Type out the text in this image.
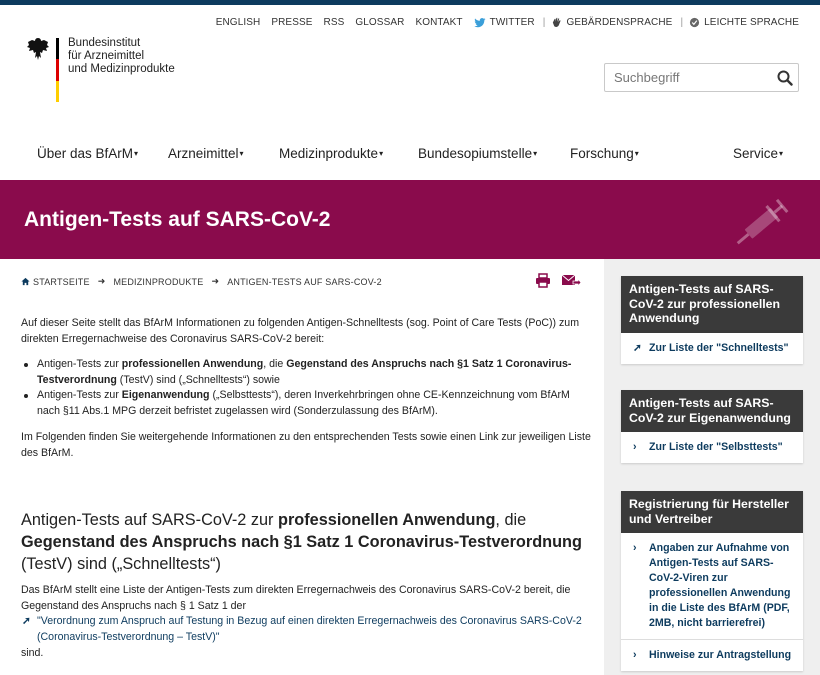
Bundesinstitut
für Arzneimittel
und Medizinprodukte
ENGLISH PRESSE RSS GLOSSAR KONTAKT	TWITTER | GEBÄRDENSPRACHE | LEICHTE SPRACHE
Suchbegriff
Über das BfArM▾ Arzneimittel▾	Medizinprodukte▾	Bundesopiumstelle▾ Forschung▾	Service▾
Antigen-Tests auf SARS-CoV-2
STARTSEITE ➜ MEDIZINPRODUKTE ➜ ANTIGEN-TESTS AUF SARS-COV-2

Auf dieser Seite stellt das BfArM Informationen zu folgenden Antigen-Schnelltests (sog. Point of Care Tests (PoC)) zum direkten Erregernachweise des Coronavirus SARS-CoV-2 bereit:

Antigen-Tests zur professionellen Anwendung, die Gegenstand des Anspruchs nach §1 Satz 1 Coronavirus-Testverordnung (TestV) sind („Schnelltests“) sowie
Antigen-Tests zur Eigenanwendung („Selbsttests“), deren Inverkehrbringen ohne CE-Kennzeichnung vom BfArM nach §11 Abs.1 MPG derzeit befristet zugelassen wird (Sonderzulassung des BfArM).

Im Folgenden finden Sie weitergehende Informationen zu den entsprechenden Tests sowie einen Link zur jeweiligen Liste des BfArM.

Antigen-Tests auf SARS-CoV-2 zur professionellen Anwendung, die Gegenstand des Anspruchs nach §1 Satz 1 Coronavirus-Testverordnung (TestV) sind („Schnelltests“)

Das BfArM stellt eine Liste der Antigen-Tests zum direkten Erregernachweis des Coronavirus SARS-CoV-2 bereit, die Gegenstand des Anspruchs nach § 1 Satz 1 der

➚ "Verordnung zum Anspruch auf Testung in Bezug auf einen direkten Erregernachweis des Coronavirus SARS-CoV-2 (Coronavirus-Testverordnung – TestV)"

sind.

Antigen-Tests auf SARS-CoV-2 zur professionellen Anwendung
➚ Zur Liste der "Schnelltests"
Antigen-Tests auf SARS-CoV-2 zur Eigenanwendung
› Zur Liste der "Selbsttests"
Registrierung für Hersteller und Vertreiber
› Angaben zur Aufnahme von Antigen-Tests auf SARS-CoV-2-Viren zur professionellen Anwendung in die Liste des BfArM (PDF, 2MB, nicht barrierefrei)
› Hinweise zur Antragstellung
